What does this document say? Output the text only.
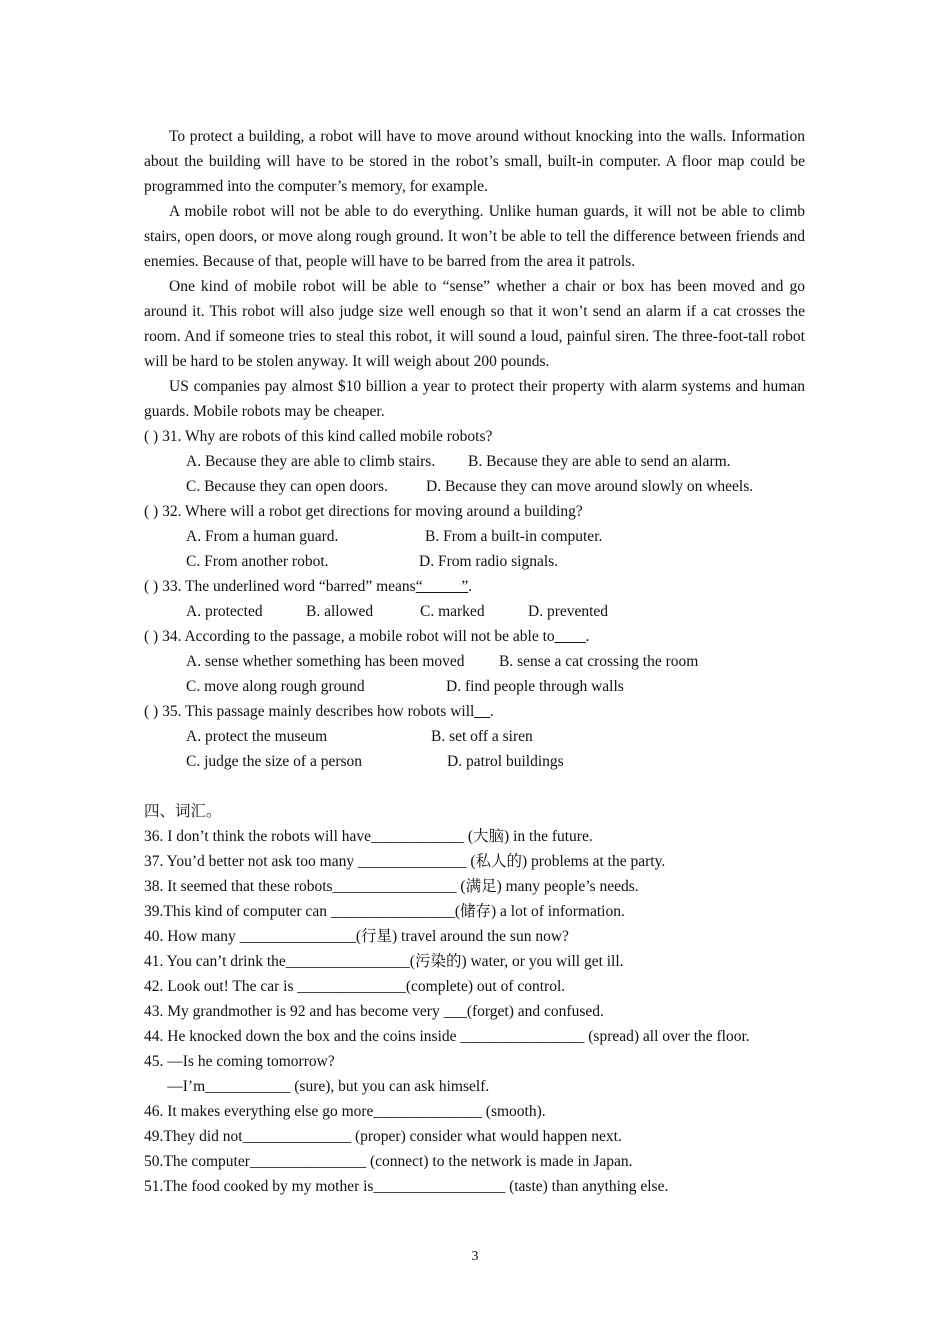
To protect a building, a robot will have to move around without knocking into the walls. Information about the building will have to be stored in the robot’s small, built-in computer. A floor map could be programmed into the computer’s memory, for example.

A mobile robot will not be able to do everything. Unlike human guards, it will not be able to climb stairs, open doors, or move along rough ground. It won’t be able to tell the difference between friends and enemies. Because of that, people will have to be barred from the area it patrols.

One kind of mobile robot will be able to “sense” whether a chair or box has been moved and go around it. This robot will also judge size well enough so that it won’t send an alarm if a cat crosses the room. And if someone tries to steal this robot, it will sound a loud, painful siren. The three-foot-tall robot will be hard to be stolen anyway. It will weigh about 200 pounds.

US companies pay almost $10 billion a year to protect their property with alarm systems and human guards. Mobile robots may be cheaper.

( ) 31. Why are robots of this kind called mobile robots?
A. Because they are able to climb stairs. B. Because they are able to send an alarm.
C. Because they can open doors. D. Because they can move around slowly on wheels.
( ) 32. Where will a robot get directions for moving around a building?
A. From a human guard.	B. From a built-in computer.
C. From another robot.	D. From radio signals.
( ) 33. The underlined word “barred” means“_____”.
A. protected	B. allowed	C. marked	D. prevented
( ) 34. According to the passage, a mobile robot will not be able to____.
A. sense whether something has been moved B. sense a cat crossing the room
C. move along rough ground	D. find people through walls
( ) 35. This passage mainly describes how robots will__.
A. protect the museum	B. set off a siren
C. judge the size of a person	D. patrol buildings
四、词汇。
36. I don’t think the robots will have____________ (大脑) in the future.
37. You’d better not ask too many ______________ (私人的) problems at the party.
38. It seemed that these robots________________ (满足) many people’s needs.
39.This kind of computer can ________________(储存) a lot of information.
40. How many _______________(行星) travel around the sun now?
41. You can’t drink the________________(污染的) water, or you will get ill.
42. Look out! The car is ______________(complete) out of control.
43. My grandmother is 92 and has become very ___(forget) and confused.
44. He knocked down the box and the coins inside ________________ (spread) all over the floor.
45. —Is he coming tomorrow?
—I’m___________ (sure), but you can ask himself.
46. It makes everything else go more______________ (smooth).
49.They did not______________ (proper) consider what would happen next.
50.The computer_______________ (connect) to the network is made in Japan.
51.The food cooked by my mother is_________________ (taste) than anything else.
3
